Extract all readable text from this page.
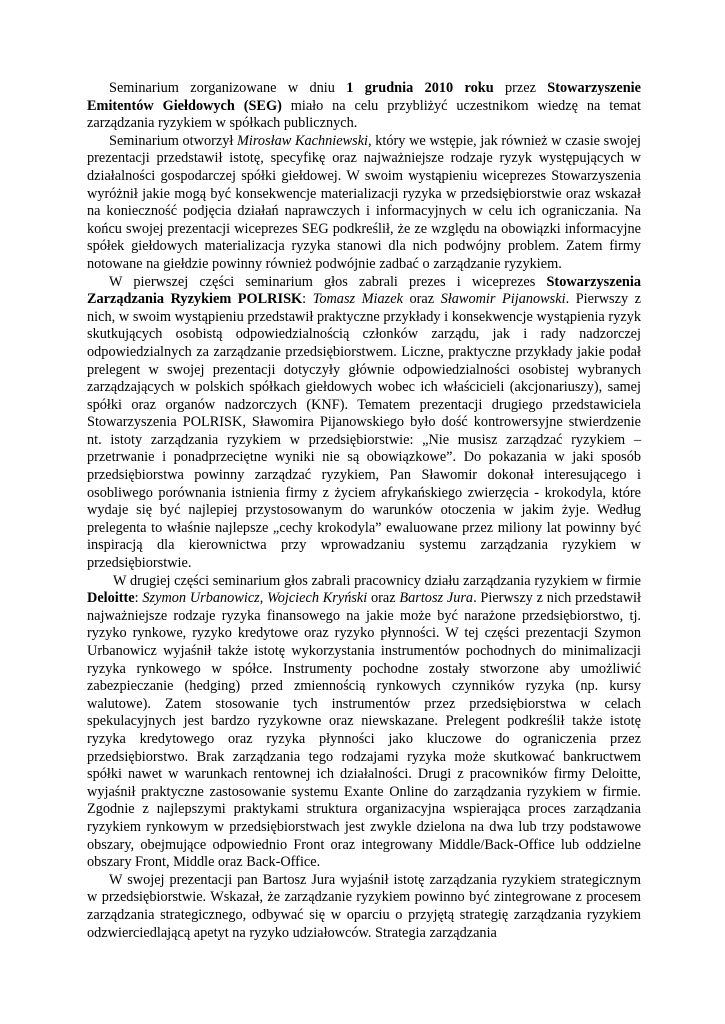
Seminarium zorganizowane w dniu 1 grudnia 2010 roku przez Stowarzyszenie Emitentów Giełdowych (SEG) miało na celu przybliżyć uczestnikom wiedzę na temat zarządzania ryzykiem w spółkach publicznych.

Seminarium otworzył Mirosław Kachniewski, który we wstępie, jak również w czasie swojej prezentacji przedstawił istotę, specyfikę oraz najważniejsze rodzaje ryzyk występujących w działalności gospodarczej spółki giełdowej. W swoim wystąpieniu wiceprezes Stowarzyszenia wyróżnił jakie mogą być konsekwencje materializacji ryzyka w przedsiębiorstwie oraz wskazał na konieczność podjęcia działań naprawczych i informacyjnych w celu ich ograniczania. Na końcu swojej prezentacji wiceprezes SEG podkreślił, że ze względu na obowiązki informacyjne spółek giełdowych materializacja ryzyka stanowi dla nich podwójny problem. Zatem firmy notowane na giełdzie powinny również podwójnie zadbać o zarządzanie ryzykiem.

W pierwszej części seminarium głos zabrali prezes i wiceprezes Stowarzyszenia Zarządzania Ryzykiem POLRISK: Tomasz Miazek oraz Sławomir Pijanowski. Pierwszy z nich, w swoim wystąpieniu przedstawił praktyczne przykłady i konsekwencje wystąpienia ryzyk skutkujących osobistą odpowiedzialnością członków zarządu, jak i rady nadzorczej odpowiedzialnych za zarządzanie przedsiębiorstwem. Liczne, praktyczne przykłady jakie podał prelegent w swojej prezentacji dotyczyły głównie odpowiedzialności osobistej wybranych zarządzających w polskich spółkach giełdowych wobec ich właścicieli (akcjonariuszy), samej spółki oraz organów nadzorczych (KNF). Tematem prezentacji drugiego przedstawiciela Stowarzyszenia POLRISK, Sławomira Pijanowskiego było dość kontrowersyjne stwierdzenie nt. istoty zarządzania ryzykiem w przedsiębiorstwie: „Nie musisz zarządzać ryzykiem – przetrwanie i ponadprzeciętne wyniki nie są obowiązkowe”. Do pokazania w jaki sposób przedsiębiorstwa powinny zarządzać ryzykiem, Pan Sławomir dokonał interesującego i osobliwego porównania istnienia firmy z życiem afrykańskiego zwierzęcia - krokodyla, które wydaje się być najlepiej przystosowanym do warunków otoczenia w jakim żyje. Według prelegenta to właśnie najlepsze „cechy krokodyla” ewaluowane przez miliony lat powinny być inspiracją dla kierownictwa przy wprowadzaniu systemu zarządzania ryzykiem w przedsiębiorstwie.

W drugiej części seminarium głos zabrali pracownicy działu zarządzania ryzykiem w firmie Deloitte: Szymon Urbanowicz, Wojciech Kryński oraz Bartosz Jura. Pierwszy z nich przedstawił najważniejsze rodzaje ryzyka finansowego na jakie może być narażone przedsiębiorstwo, tj. ryzyko rynkowe, ryzyko kredytowe oraz ryzyko płynności. W tej części prezentacji Szymon Urbanowicz wyjaśnił także istotę wykorzystania instrumentów pochodnych do minimalizacji ryzyka rynkowego w spółce. Instrumenty pochodne zostały stworzone aby umożliwić zabezpieczanie (hedging) przed zmiennością rynkowych czynników ryzyka (np. kursy walutowe). Zatem stosowanie tych instrumentów przez przedsiębiorstwa w celach spekulacyjnych jest bardzo ryzykowne oraz niewskazane. Prelegent podkreślił także istotę ryzyka kredytowego oraz ryzyka płynności jako kluczowe do ograniczenia przez przedsiębiorstwo. Brak zarządzania tego rodzajami ryzyka może skutkować bankructwem spółki nawet w warunkach rentownej ich działalności. Drugi z pracowników firmy Deloitte, wyjaśnił praktyczne zastosowanie systemu Exante Online do zarządzania ryzykiem w firmie. Zgodnie z najlepszymi praktykami struktura organizacyjna wspierająca proces zarządzania ryzykiem rynkowym w przedsiębiorstwach jest zwykle dzielona na dwa lub trzy podstawowe obszary, obejmujące odpowiednio Front oraz integrowany Middle/Back-Office lub oddzielne obszary Front, Middle oraz Back-Office.

W swojej prezentacji pan Bartosz Jura wyjaśnił istotę zarządzania ryzykiem strategicznym w przedsiębiorstwie. Wskazał, że zarządzanie ryzykiem powinno być zintegrowane z procesem zarządzania strategicznego, odbywać się w oparciu o przyjętą strategię zarządzania ryzykiem odzwierciedlającą apetyt na ryzyko udziałowców. Strategia zarządzania
